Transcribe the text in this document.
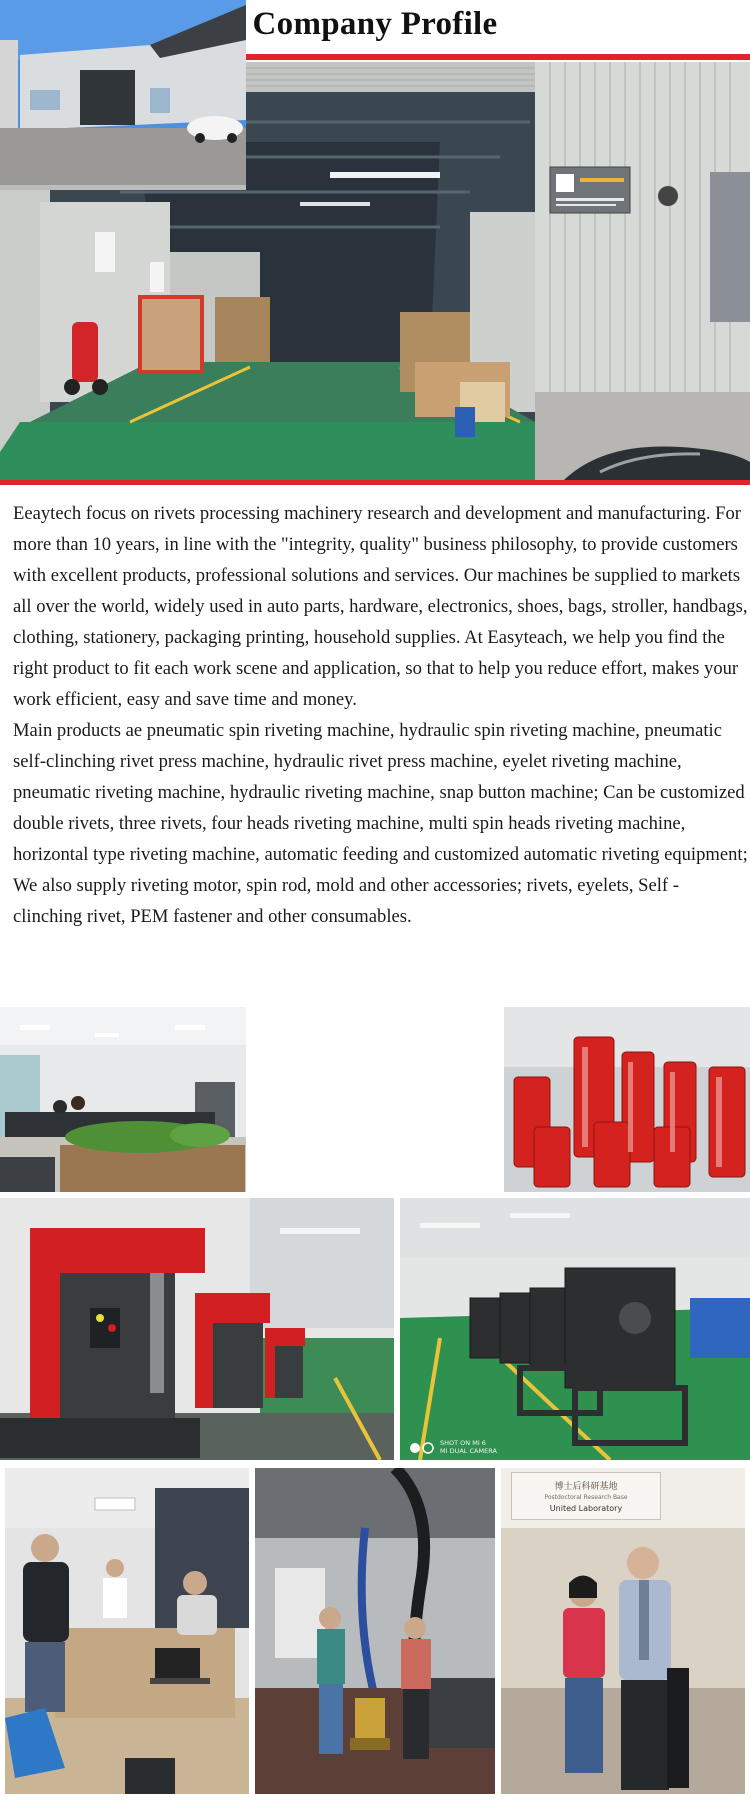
Company Profile

Eeaytech focus on rivets processing machinery research and development and manufacturing. For more than 10 years, in line with the "integrity, quality" business philosophy, to provide customers with excellent products, professional solutions and services. Our machines be supplied to markets all over the world, widely used in auto parts, hardware, electronics, shoes, bags, stroller, handbags, clothing, stationery, packaging printing, household supplies. At Easyteach, we help you find the right product to fit each work scene and application, so that to help you reduce effort, makes your work efficient, easy and save time and money.

Main products ae pneumatic spin riveting machine, hydraulic spin riveting machine, pneumatic self-clinching rivet press machine, hydraulic rivet press machine, eyelet riveting machine, pneumatic riveting machine, hydraulic riveting machine, snap button machine; Can be customized double rivets, three rivets, four heads riveting machine, multi spin heads riveting machine, horizontal type riveting machine, automatic feeding and customized automatic riveting equipment; We also supply riveting motor, spin rod, mold and other accessories; rivets, eyelets, Self -clinching rivet, PEM fastener and other consumables.

SHOT ON MI 6
MI DUAL CAMERA
博士后科研基地
Postdoctoral Research Base
United Laboratory
